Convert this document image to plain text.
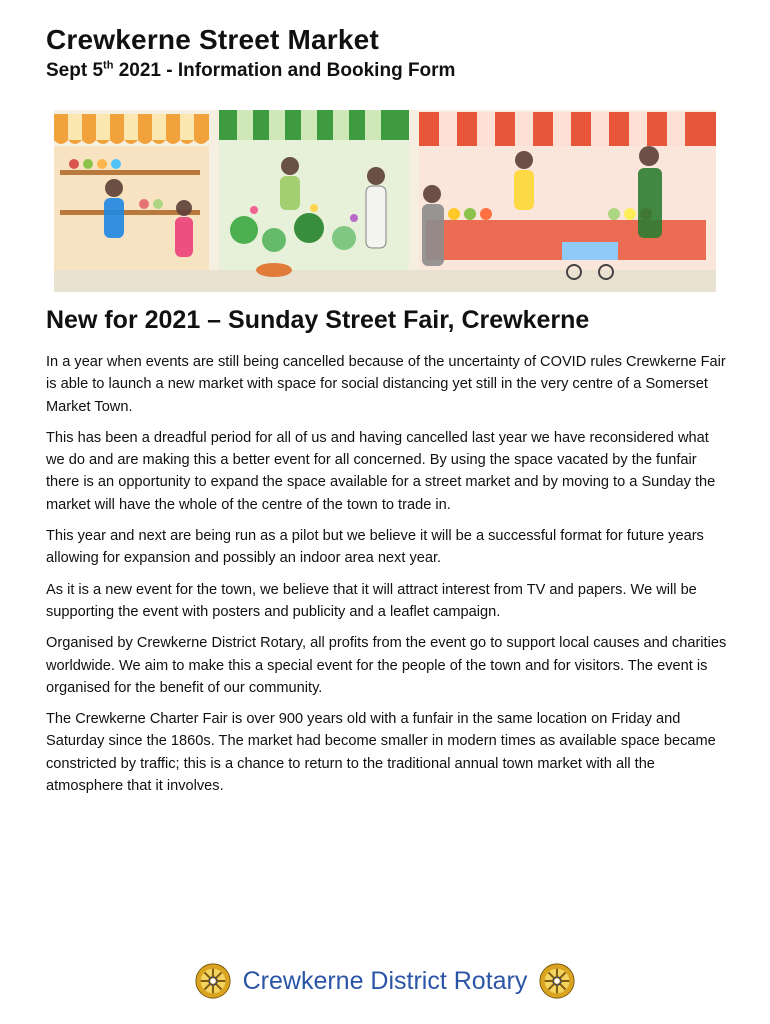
Crewkerne Street Market
Sept 5th 2021 - Information and Booking Form
New for 2021 – Sunday Street Fair, Crewkerne

In a year when events are still being cancelled because of the uncertainty of COVID rules Crewkerne Fair is able to launch a new market with space for social distancing yet still in the very centre of a Somerset Market Town.

This has been a dreadful period for all of us and having cancelled last year we have reconsidered what we do and are making this a better event for all concerned. By using the space vacated by the funfair there is an opportunity to expand the space available for a street market and by moving to a Sunday the market will have the whole of the centre of the town to trade in.

This year and next are being run as a pilot but we believe it will be a successful format for future years allowing for expansion and possibly an indoor area next year.

As it is a new event for the town, we believe that it will attract interest from TV and papers. We will be supporting the event with posters and publicity and a leaflet campaign.

Organised by Crewkerne District Rotary, all profits from the event go to support local causes and charities worldwide. We aim to make this a special event for the people of the town and for visitors. The event is organised for the benefit of our community.

The Crewkerne Charter Fair is over 900 years old with a funfair in the same location on Friday and Saturday since the 1860s. The market had become smaller in modern times as available space became constricted by traffic; this is a chance to return to the traditional annual town market with all the atmosphere that it involves.

Crewkerne District Rotary
